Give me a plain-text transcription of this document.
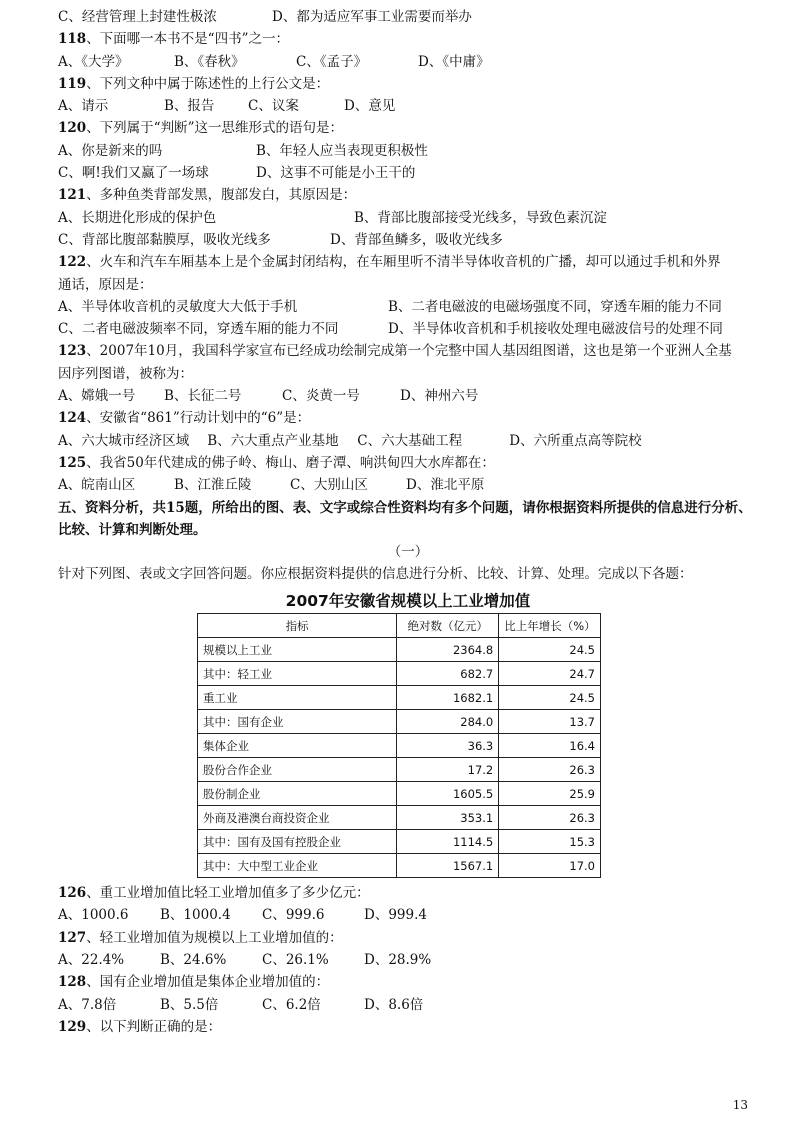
C、经营管理上封建性极浓	D、都为适应军事工业需要而举办
118、下面哪一本书不是“四书”之一：
A、《大学》	B、《春秋》	C、《孟子》	D、《中庸》
119、下列文种中属于陈述性的上行公文是：
A、请示	B、报告 C、议案	D、意见
120、下列属于“判断”这一思维形式的语句是：
A、你是新来的吗	B、年轻人应当表现更积极性
C、啊!我们又赢了一场球	D、这事不可能是小王干的
121、多种鱼类背部发黑，腹部发白，其原因是：
A、长期进化形成的保护色	B、背部比腹部接受光线多，导致色素沉淀
C、背部比腹部黏膜厚，吸收光线多	D、背部鱼鳞多，吸收光线多
122、火车和汽车车厢基本上是个金属封闭结构，在车厢里听不清半导体收音机的广播，却可以通过手机和外界
通话，原因是：
A、半导体收音机的灵敏度大大低于手机	B、二者电磁波的电磁场强度不同，穿透车厢的能力不同
C、二者电磁波频率不同，穿透车厢的能力不同	D、半导体收音机和手机接收处理电磁波信号的处理不同
123、2007年10月，我国科学家宣布已经成功绘制完成第一个完整中国人基因组图谱，这也是第一个亚洲人全基
因序列图谱，被称为：
A、嫦娥一号 B、长征二号	C、炎黄一号	D、神州六号
124、安徽省“861”行动计划中的“6”是：
A、六大城市经济区域 B、六大重点产业基地 C、六大基础工程	D、六所重点高等院校
125、我省50年代建成的佛子岭、梅山、磨子潭、响洪甸四大水库都在：
A、皖南山区	B、江淮丘陵	C、大别山区	D、淮北平原
五、资料分析，共15题，所给出的图、表、文字或综合性资料均有多个问题，请你根据资料所提供的信息进行分析、比较、计算和判断处理。
（一）
针对下列图、表或文字回答问题。你应根据资料提供的信息进行分析、比较、计算、处理。完成以下各题：
2007年安徽省规模以上工业增加值
指标	绝对数（亿元）	比上年增长（%）
规模以上工业	2364.8	24.5
其中：轻工业	682.7	24.7
重工业	1682.1	24.5
其中：国有企业	284.0	13.7
集体企业	36.3	16.4
股份合作企业	17.2	26.3
股份制企业	1605.5	25.9
外商及港澳台商投资企业	353.1	26.3
其中：国有及国有控股企业	1114.5	15.3
其中：大中型工业企业	1567.1	17.0
126、重工业增加值比轻工业增加值多了多少亿元：
A、1000.6 B、1000.4 C、999.6	D、999.4
127、轻工业增加值为规模以上工业增加值的：
A、22.4%	B、24.6%	C、26.1%	D、28.9%
128、国有企业增加值是集体企业增加值的：
A、7.8倍	B、5.5倍	C、6.2倍	D、8.6倍
129、以下判断正确的是：
13
